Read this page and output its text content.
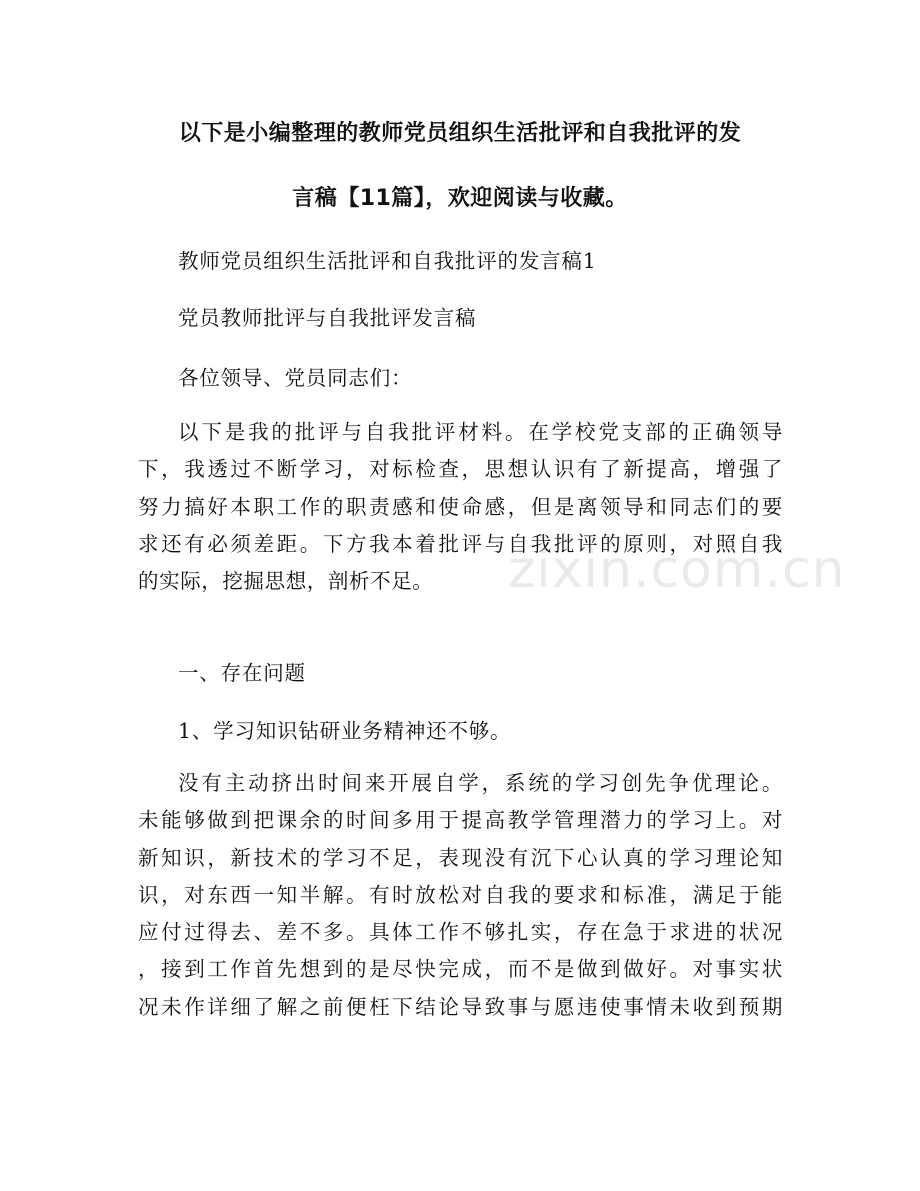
以下是小编整理的教师党员组织生活批评和自我批评的发
言稿【11篇】，欢迎阅读与收藏。
教师党员组织生活批评和自我批评的发言稿1
党员教师批评与自我批评发言稿
各位领导、党员同志们：
以下是我的批评与自我批评材料。在学校党支部的正确领导
下，我透过不断学习，对标检查，思想认识有了新提高，增强了
努力搞好本职工作的职责感和使命感，但是离领导和同志们的要
求还有必须差距。下方我本着批评与自我批评的原则，对照自我
的实际，挖掘思想，剖析不足。
一、存在问题
1、学习知识钻研业务精神还不够。
没有主动挤出时间来开展自学，系统的学习创先争优理论。
未能够做到把课余的时间多用于提高教学管理潜力的学习上。对
新知识，新技术的学习不足，表现没有沉下心认真的学习理论知
识，对东西一知半解。有时放松对自我的要求和标准，满足于能
应付过得去、差不多。具体工作不够扎实，存在急于求进的状况
，接到工作首先想到的是尽快完成，而不是做到做好。对事实状
况未作详细了解之前便枉下结论导致事与愿违使事情未收到预期
zixin.com.cn
